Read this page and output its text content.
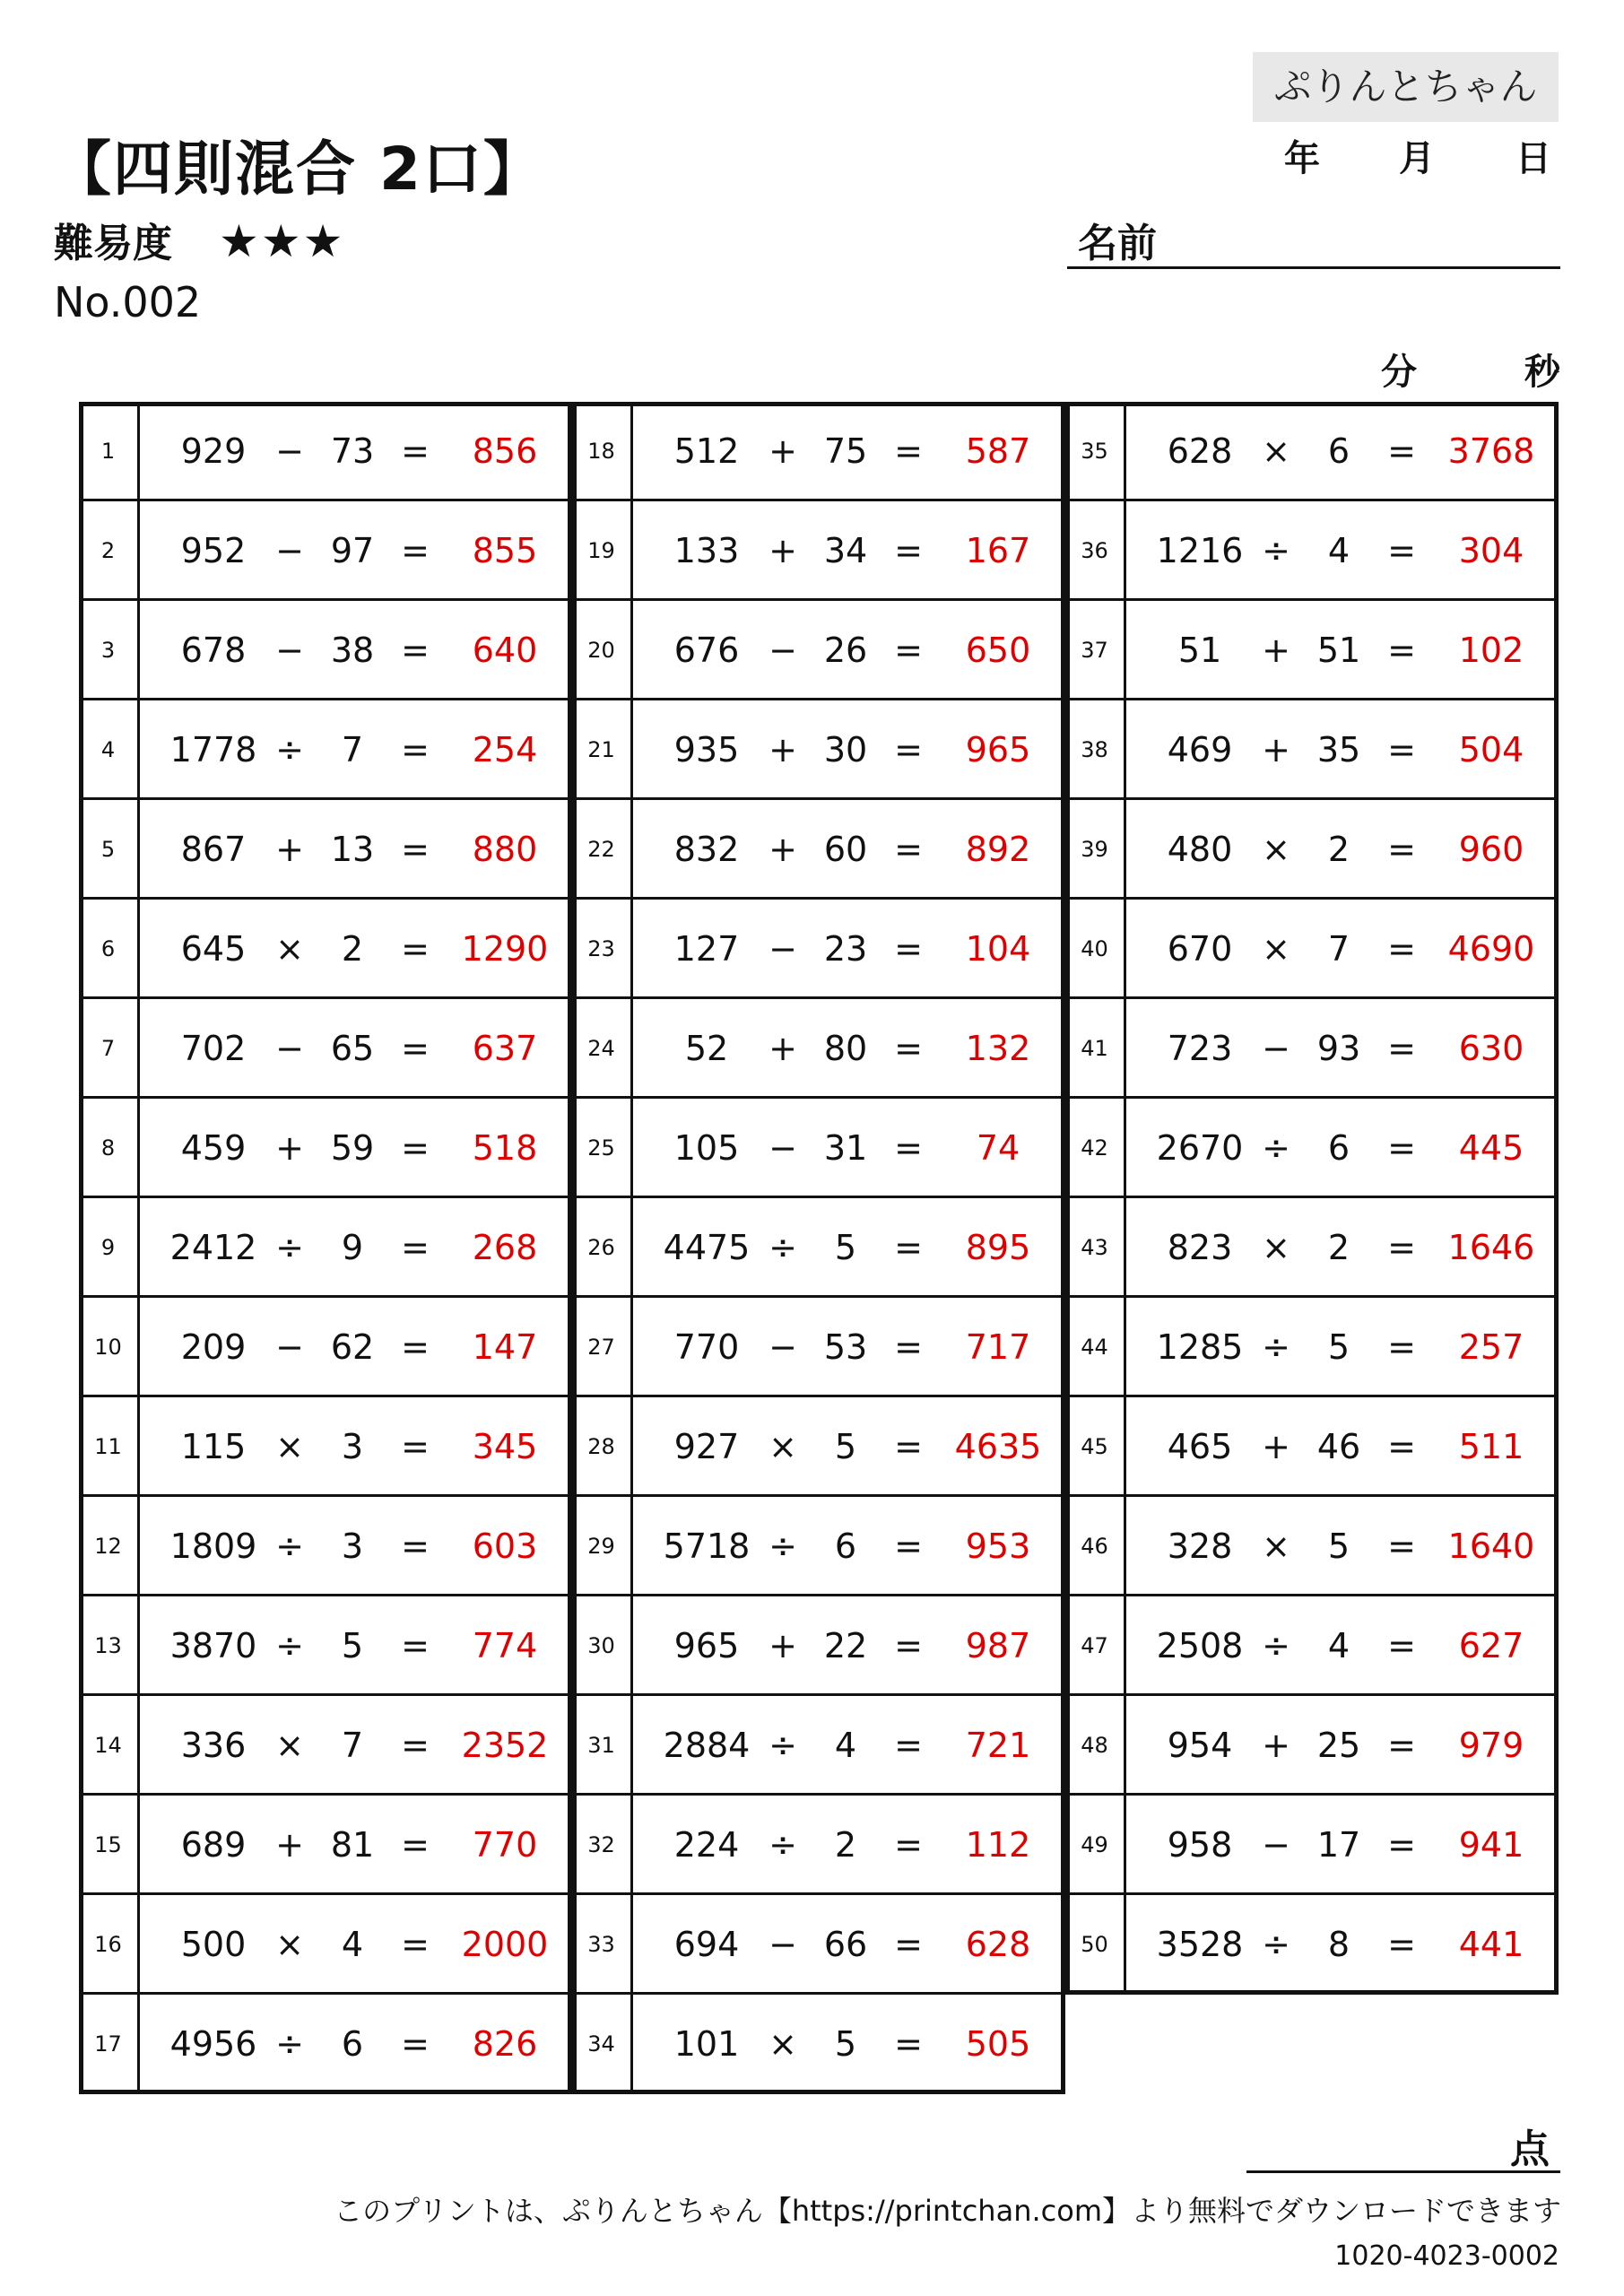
【四則混合 2口】
難易度 ★★★
No.002
ぷりんとちゃん
年 月 日
名前
分	秒
1	929 − 73 =	856
2	952 − 97 =	855
3	678 − 38 =	640
4	1778 ÷	7	=	254
5	867 + 13 =	880
6	645 ×	2	= 1290
7	702 − 65 =	637
8	459 + 59 =	518
9	2412 ÷	9	=	268
10	209 − 62 =	147
11	115 ×	3	=	345
12	1809 ÷	3	=	603
13	3870 ÷	5	=	774
14	336 ×	7	= 2352
15	689 + 81 =	770
16	500 ×	4	= 2000
17	4956 ÷	6	=	826
18	512 + 75 =	587
19	133 + 34 =	167
20	676 − 26 =	650
21	935 + 30 =	965
22	832 + 60 =	892
23	127 − 23 =	104
24	52	+ 80 =	132
25	105 − 31 =	74
26	4475 ÷	5	=	895
27	770 − 53 =	717
28	927 ×	5	= 4635
29	5718 ÷	6	=	953
30	965 + 22 =	987
31	2884 ÷	4	=	721
32	224 ÷	2	=	112
33	694 − 66 =	628
34	101 ×	5	=	505
35	628 ×	6	= 3768
36	1216 ÷	4	=	304
37	51	+ 51 =	102
38	469 + 35 =	504
39	480 ×	2	=	960
40	670 ×	7	= 4690
41	723 − 93 =	630
42	2670 ÷	6	=	445
43	823 ×	2	= 1646
44	1285 ÷	5	=	257
45	465 + 46 =	511
46	328 ×	5	= 1640
47	2508 ÷	4	=	627
48	954 + 25 =	979
49	958 − 17 =	941
50	3528 ÷	8	=	441
点
このプリントは、ぷりんとちゃん【https://printchan.com】より無料でダウンロードできます
1020-4023-0002
